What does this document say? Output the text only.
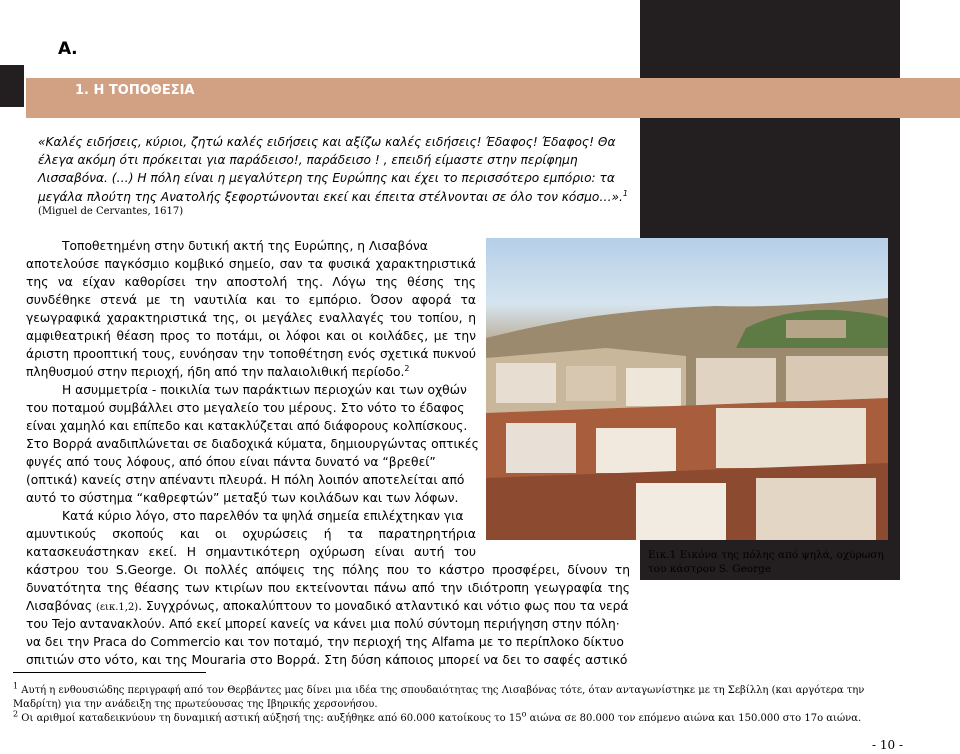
1. Η ΤΟΠΟΘΕΣΙΑ
Α.
«Καλές ειδήσεις, κύριοι, ζητώ καλές ειδήσεις και αξίζω καλές ειδήσεις! Έδαφος! Έδαφος! Θα
έλεγα ακόμη ότι πρόκειται για παράδεισο!, παράδεισο ! , επειδή είμαστε στην περίφημη
Λισσαβόνα. (…) Η πόλη είναι η μεγαλύτερη της Ευρώπης και έχει το περισσότερο εμπόριο: τα
μεγάλα πλούτη της Ανατολής ξεφορτώνονται εκεί και έπειτα στέλνονται σε όλο τον κόσμο…».$^1$
(Miguel de Cervantes, 1617)
Τοποθετημένη στην δυτική ακτή της Ευρώπης, η Λισαβόνα
αποτελούσε παγκόσμιο κομβικό σημείο, σαν τα φυσικά χαρακτηριστικά
της να είχαν καθορίσει την αποστολή της. Λόγω της θέσης της
συνδέθηκε στενά με τη ναυτιλία και το εμπόριο. Όσον αφορά τα
γεωγραφικά χαρακτηριστικά της, οι μεγάλες εναλλαγές του τοπίου, η
αμφιθεατρική θέαση προς το ποτάμι, οι λόφοι και οι κοιλάδες, με την
άριστη προοπτική τους, ευνόησαν την τοποθέτηση ενός σχετικά πυκνού
πληθυσμού στην περιοχή, ήδη από την παλαιολιθική περίοδο.$^2$
Η ασυμμετρία - ποικιλία των παράκτιων περιοχών και των οχθών
του ποταμού συμβάλλει στο μεγαλείο του μέρους. Στο νότο το έδαφος
είναι χαμηλό και επίπεδο και κατακλύζεται από διάφορους κολπίσκους.
Στο Βορρά αναδιπλώνεται σε διαδοχικά κύματα, δημιουργώντας οπτικές
φυγές από τους λόφους, από όπου είναι πάντα δυνατό να “βρεθεί”
(οπτικά) κανείς στην απέναντι πλευρά. Η πόλη λοιπόν αποτελείται από
αυτό το σύστημα “καθρεφτών” μεταξύ των κοιλάδων και των λόφων.
Κατά κύριο λόγο, στο παρελθόν τα ψηλά σημεία επιλέχτηκαν για
αμυντικούς σκοπούς και οι οχυρώσεις ή τα παρατηρητήρια
κατασκευάστηκαν εκεί. Η σημαντικότερη οχύρωση είναι αυτή του
κάστρου του S.George. Οι πολλές απόψεις της πόλης που το κάστρο προσφέρει, δίνουν τη
δυνατότητα της θέασης των κτιρίων που εκτείνονται πάνω από την ιδιότροπη γεωγραφία της
Λισαβόνας (εικ.1,2). Συγχρόνως, αποκαλύπτουν το μοναδικό ατλαντικό και νότιο φως που τα νερά
του Tejo αντανακλούν. Από εκεί μπορεί κανείς να κάνει μια πολύ σύντομη περιήγηση στην πόλη·
να δει την Praca do Commercio και τον ποταμό, την περιοχή της Alfama με το περίπλοκο δίκτυο
σπιτιών στο νότο, και της Mouraria στο Βορρά. Στη δύση κάποιος μπορεί να δει το σαφές αστικό
Εικ.1 Εικόνα της πόλης από ψηλά, οχύρωση του κάστρου S. George
$^1$ Αυτή η ενθουσιώδης περιγραφή από τον Θερβάντες μας δίνει μια ιδέα της σπουδαιότητας της Λισαβόνας τότε, όταν ανταγωνίστηκε με τη Σεβίλλη (και αργότερα την Μαδρίτη) για την ανάδειξη της πρωτεύουσας της Ιβηρικής χερσονήσου.
$^2$ Οι αριθμοί καταδεικνύουν τη δυναμική αστική αύξησή της: αυξήθηκε από 60.000 κατοίκους το $15^o$ αιώνα σε 80.000 τον επόμενο αιώνα και 150.000 στο 17ο αιώνα.
- 10 -
